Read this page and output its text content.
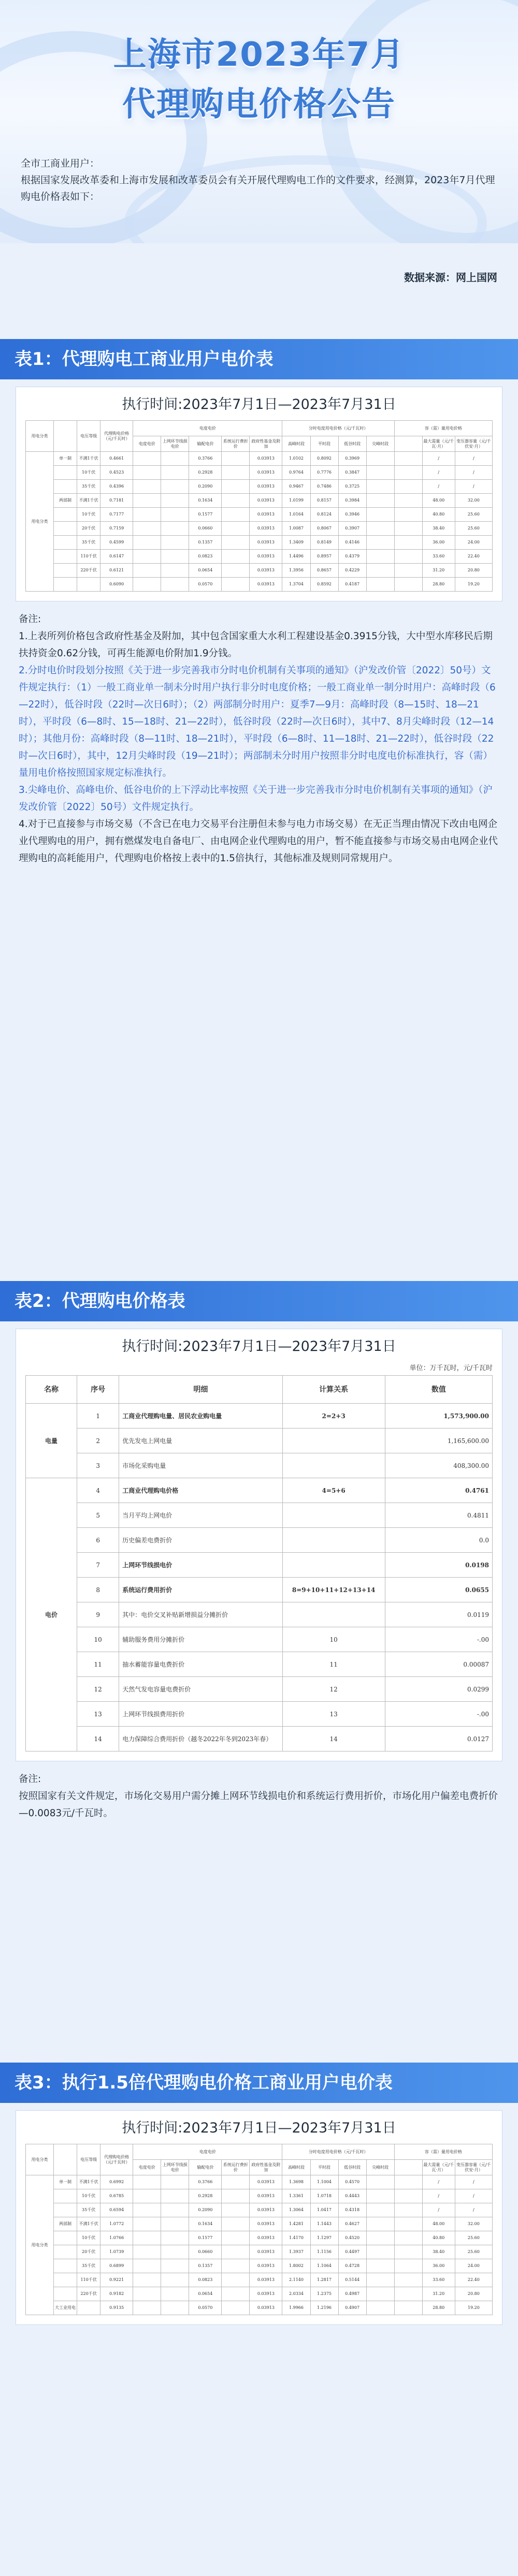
上海市2023年7月
代理购电价格公告

全市工商业用户：

根据国家发展改革委和上海市发展和改革委员会有关开展代理购电工作的文件要求，经测算，2023年7月代理购电价格表如下：

数据来源：网上国网
表1：代理购电工商业用户电价表
执行时间:2023年7月1日—2023年7月31日
用电分类		电压等级	代理购电价格（元/千瓦时）	电度电价					分时电度用电价格（元/千瓦时）				容（需）量用电价格		
				电度电价	上网环节线损电价	输配电价	系统运行费折价	政府性基金及附加	高峰时段	平时段	低谷时段	尖峰时段		最大需量（元/千瓦·月）	变压器容量（元/千伏安·月）
用电分类	单一制	不满1千伏	0.4661			0.3766		0.03913	1.0102	0.8092	0.3969			/	/
		10千伏	0.4523			0.2928		0.03913	0.9764	0.7776	0.3847			/	/
		35千伏	0.4396			0.2090		0.03913	0.9467	0.7486	0.3725			/	/
	两部制	不满1千伏	0.7181			0.1634		0.03913	1.0199	0.8157	0.3984			48.00	32.00
		10千伏	0.7177			0.1577		0.03913	1.0164	0.8124	0.3946			40.80	25.60
		20千伏	0.7159			0.0660		0.03913	1.0087	0.8067	0.3907			38.40	25.60
		35千伏	0.4599			0.1357		0.03913	1.3409	0.8149	0.4146			36.00	24.00
		110千伏	0.6147			0.0823		0.03913	1.4496	0.8957	0.4379			33.60	22.40
		220千伏	0.6121			0.0654		0.03913	1.3956	0.8657	0.4229			31.20	20.80
			0.6090			0.0570		0.03913	1.3704	0.8592	0.4187			28.80	19.20

备注:

1.上表所列价格包含政府性基金及附加，其中包含国家重大水利工程建设基金0.3915分钱，大中型水库移民后期扶持资金0.62分钱，可再生能源电价附加1.9分钱。

2.分时电价时段划分按照《关于进一步完善我市分时电价机制有关事项的通知》（沪发改价管〔2022〕50号）文件规定执行：（1）一般工商业单一制未分时用户执行非分时电度价格；一般工商业单一制分时用户：高峰时段（6—22时），低谷时段（22时—次日6时）；（2）两部制分时用户：夏季7—9月：高峰时段（8—15时、18—21时），平时段（6—8时、15—18时、21—22时），低谷时段（22时—次日6时），其中7、8月尖峰时段（12—14时）；其他月份：高峰时段（8—11时、18—21时），平时段（6—8时、11—18时、21—22时），低谷时段（22时—次日6时），其中，12月尖峰时段（19—21时）；两部制未分时用户按照非分时电度电价标准执行，容（需）量用电价格按照国家规定标准执行。

3.尖峰电价、高峰电价、低谷电价的上下浮动比率按照《关于进一步完善我市分时电价机制有关事项的通知》（沪发改价管〔2022〕50号）文件规定执行。

4.对于已直接参与市场交易（不含已在电力交易平台注册但未参与电力市场交易）在无正当理由情况下改由电网企业代理购电的用户，拥有燃煤发电自备电厂、由电网企业代理购电的用户，暂不能直接参与市场交易由电网企业代理购电的高耗能用户，代理购电价格按上表中的1.5倍执行，其他标准及规则同常规用户。

表2：代理购电价格表
执行时间:2023年7月1日—2023年7月31日
单位：万千瓦时，元/千瓦时
名称	序号	明细	计算关系	数值
电量	1	工商业代理购电量、居民农业购电量	2=2+3	1,573,900.00
	2	优先发电上网电量		1,165,600.00
	3	市场化采购电量		408,300.00
电价	4	工商业代理购电价格	4=5+6	0.4761
	5	当月平均上网电价		0.4811
	6	历史偏差电费折价		0.0
	7	上网环节线损电价		0.0198
	8	系统运行费用折价	8=9+10+11+12+13+14	0.0655
	9	其中：电价交叉补贴新增损益分摊折价		0.0119
	10	辅助服务费用分摊折价	10	-.00
	11	抽水蓄能容量电费折价	11	0.00087
	12	天然气发电容量电费折价	12	0.0299
	13	上网环节线损费用折价	13	-.00
	14	电力保障综合费用折价（越冬2022年冬到2023年春）	14	0.0127

备注:

按照国家有关文件规定，市场化交易用户需分摊上网环节线损电价和系统运行费用折价，市场化用户偏差电费折价—0.0083元/千瓦时。

表3：执行1.5倍代理购电价格工商业用户电价表
执行时间:2023年7月1日—2023年7月31日
用电分类		电压等级	代理购电价格（元/千瓦时）	电度电价					分时电度用电价格（元/千瓦时）				容（需）量用电价格		
				电度电价	上网环节线损电价	输配电价	系统运行费折价	政府性基金及附加	高峰时段	平时段	低谷时段	尖峰时段		最大需量（元/千瓦·月）	变压器容量（元/千伏安·月）
用电分类	单一制	不满1千伏	0.6992			0.3766		0.03913	1.3698	1.1004	0.4570			/	/
		10千伏	0.6785			0.2928		0.03913	1.3361	1.0718	0.4443			/	/
		35千伏	0.6594			0.2090		0.03913	1.3064	1.0417	0.4318			/	/
	两部制	不满1千伏	1.0772			0.1634		0.03913	1.4281	1.1443	0.4627			48.00	32.00
		10千伏	1.0766			0.1577		0.03913	1.4170	1.1297	0.4520			40.80	25.60
		20千伏	1.0739			0.0660		0.03913	1.3937	1.1156	0.4497			38.40	25.60
		35千伏	0.6899			0.1357		0.03913	1.8002	1.1064	0.4728			36.00	24.00
		110千伏	0.9221			0.0823		0.03913	2.1140	1.2817	0.5144			33.60	22.40
		220千伏	0.9182			0.0654		0.03913	2.0334	1.2375	0.4987			31.20	20.80
	大工业用电		0.9135			0.0570		0.03913	1.9966	1.2196	0.4907			28.80	19.20
